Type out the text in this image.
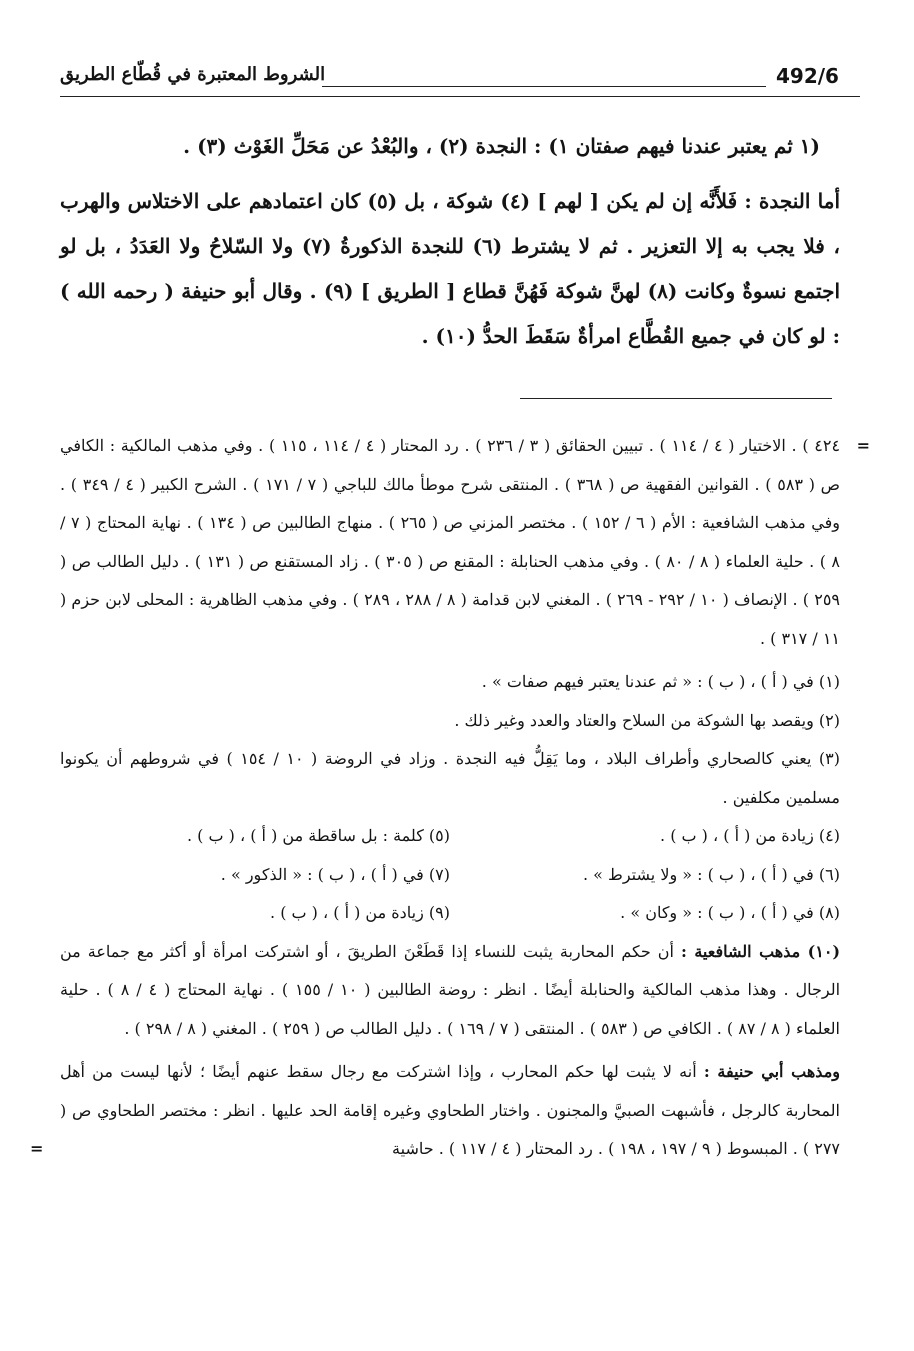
492/6
الشروط المعتبرة في قُطّاع الطريق

(١ ثم يعتبر عندنا فيهم صفتان ١) : النجدة (٢) ، والبُعْدُ عن مَحَلِّ الغَوْث (٣) .

أما النجدة : فَلأَنَّه إن لم يكن [ لهم ] (٤) شوكة ، بل (٥) كان اعتمادهم على الاختلاس والهرب ، فلا يجب به إلا التعزير . ثم لا يشترط (٦) للنجدة الذكورةُ (٧) ولا السّلاحُ ولا العَدَدُ ، بل لو اجتمع نسوةٌ وكانت (٨) لهنَّ شوكة فَهُنَّ قطاع [ الطريق ] (٩) . وقال أبو حنيفة ( رحمه الله ) : لو كان في جميع القُطَّاع امرأةٌ سَقَطَ الحدُّ (١٠) .

=
٤٢٤ ) . الاختيار ( ٤ / ١١٤ ) . تبيين الحقائق ( ٣ / ٢٣٦ ) . رد المحتار ( ٤ / ١١٤ ، ١١٥ ) . وفي مذهب المالكية : الكافي ص ( ٥٨٣ ) . القوانين الفقهية ص ( ٣٦٨ ) . المنتقى شرح موطأ مالك للباجي ( ٧ / ١٧١ ) . الشرح الكبير ( ٤ / ٣٤٩ ) . وفي مذهب الشافعية : الأم ( ٦ / ١٥٢ ) . مختصر المزني ص ( ٢٦٥ ) . منهاج الطالبين ص ( ١٣٤ ) . نهاية المحتاج ( ٧ / ٨ ) . حلية العلماء ( ٨ / ٨٠ ) . وفي مذهب الحنابلة : المقنع ص ( ٣٠٥ ) . زاد المستقنع ص ( ١٣١ ) . دليل الطالب ص ( ٢٥٩ ) . الإنصاف ( ١٠ / ٢٩٢ - ٢٦٩ ) . المغني لابن قدامة ( ٨ / ٢٨٨ ، ٢٨٩ ) . وفي مذهب الظاهرية : المحلى لابن حزم ( ١١ / ٣١٧ ) .

(١) في ( أ ) ، ( ب ) : « ثم عندنا يعتبر فيهم صفات » .

(٢) ويقصد بها الشوكة من السلاح والعتاد والعدد وغير ذلك .

(٣) يعني كالصحاري وأطراف البلاد ، وما يَقِلُّ فيه النجدة . وزاد في الروضة ( ١٠ / ١٥٤ ) في شروطهم أن يكونوا مسلمين مكلفين .

(٤) زيادة من ( أ ) ، ( ب ) .
(٥) كلمة : بل ساقطة من ( أ ) ، ( ب ) .
(٦) في ( أ ) ، ( ب ) : « ولا يشترط » .
(٧) في ( أ ) ، ( ب ) : « الذكور » .
(٨) في ( أ ) ، ( ب ) : « وكان » .
(٩) زيادة من ( أ ) ، ( ب ) .

(١٠) مذهب الشافعية : أن حكم المحاربة يثبت للنساء إذا قَطَعْنَ الطريقَ ، أو اشتركت امرأة أو أكثر مع جماعة من الرجال . وهذا مذهب المالكية والحنابلة أيضًا . انظر : روضة الطالبين ( ١٠ / ١٥٥ ) . نهاية المحتاج ( ٤ / ٨ ) . حلية العلماء ( ٨ / ٨٧ ) . الكافي ص ( ٥٨٣ ) . المنتقى ( ٧ / ١٦٩ ) . دليل الطالب ص ( ٢٥٩ ) . المغني ( ٨ / ٢٩٨ ) .

ومذهب أبي حنيفة : أنه لا يثبت لها حكم المحارب ، وإذا اشتركت مع رجال سقط عنهم أيضًا ؛ لأنها ليست من أهل المحاربة كالرجل ، فأشبهت الصبيَّ والمجنون . واختار الطحاوي وغيره إقامة الحد عليها . انظر : مختصر الطحاوي ص ( ٢٧٧ ) . المبسوط ( ٩ / ١٩٧ ، ١٩٨ ) . رد المحتار ( ٤ / ١١٧ ) . حاشية
=
